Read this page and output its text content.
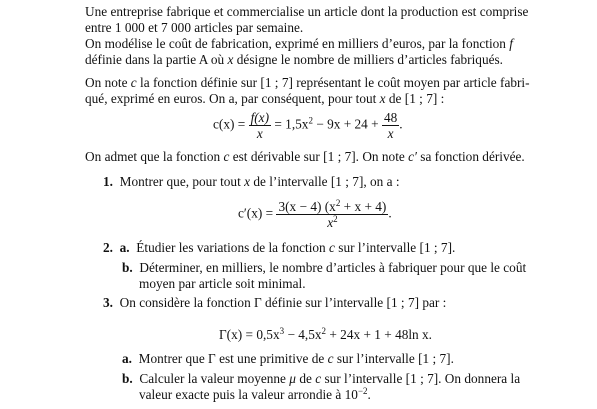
Une entreprise fabrique et commercialise un article dont la production est comprise
entre 1 000 et 7 000 articles par semaine.
On modélise le coût de fabrication, exprimé en milliers d’euros, par la fonction f
définie dans la partie A où x désigne le nombre de milliers d’articles fabriqués.
On note c la fonction définie sur [1 ; 7] représentant le coût moyen par article fabri-
qué, exprimé en euros. On a, par conséquent, pour tout x de [1 ; 7] :
$c(x) = \frac{f(x)}{x} = 1,5x^2 - 9x + 24 + \frac{48}{x}$ .
On admet que la fonction c est dérivable sur [1 ; 7]. On note c′ sa fonction dérivée.
1. Montrer que, pour tout x de l’intervalle [1 ; 7], on a :
$c'(x) = \frac{3(x - 4) (x^2 + x + 4)}{x^2}$ .
2. a. Étudier les variations de la fonction c sur l’intervalle [1 ; 7].
b. Déterminer, en milliers, le nombre d’articles à fabriquer pour que le coût
moyen par article soit minimal.
3. On considère la fonction Γ définie sur l’intervalle [1 ; 7] par :
$\Gamma(x) = 0,5x^3 - 4,5x^2 + 24x + 1 + 48\ln$ x.
a. Montrer que Γ est une primitive de c sur l’intervalle [1 ; 7].
b. Calculer la valeur moyenne μ de c sur l’intervalle [1 ; 7]. On donnera la
valeur exacte puis la valeur arrondie à $10^{-2}$.
